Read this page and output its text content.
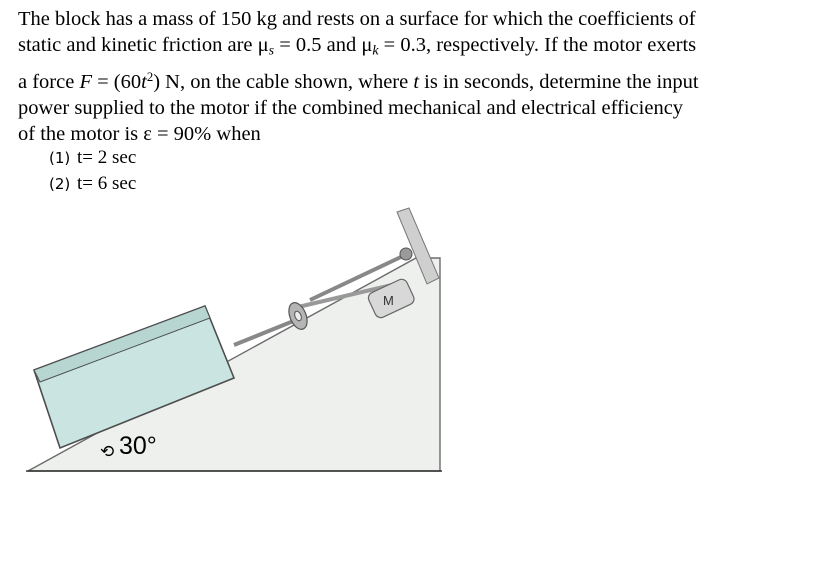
The block has a mass of 150 kg and rests on a surface for which the coefficients of
static and kinetic friction are $\mu_s = 0.5$ and $\mu_k = 0.3$, respectively. If the motor exerts
a force $F = (60t^2)$ N, on the cable shown, where t is in seconds, determine the input
power supplied to the motor if the combined mechanical and electrical efficiency
of the motor is ε = 90% when
(1) t= 2 sec
(2) t= 6 sec
M
⟲ 30°
